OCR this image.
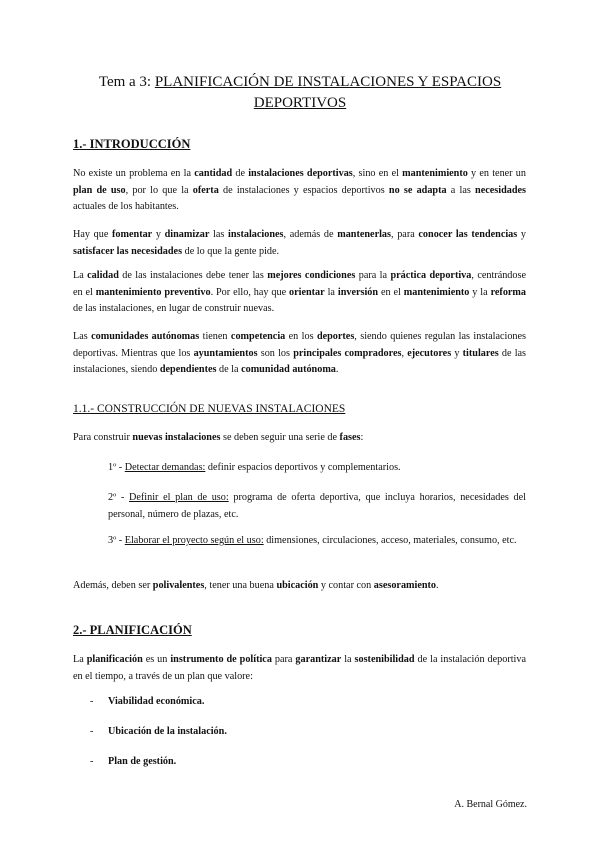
Tem a 3: PLANIFICACIÓN DE INSTALACIONES Y ESPACIOS
DEPORTIVOS
1.- INTRODUCCIÓN
No existe un problema en la cantidad de instalaciones deportivas, sino en el mantenimiento y en tener un plan de uso, por lo que la oferta de instalaciones y espacios deportivos no se adapta a las necesidades actuales de los habitantes.
Hay que fomentar y dinamizar las instalaciones, además de mantenerlas, para conocer las tendencias y satisfacer las necesidades de lo que la gente pide.
La calidad de las instalaciones debe tener las mejores condiciones para la práctica deportiva, centrándose en el mantenimiento preventivo. Por ello, hay que orientar la inversión en el mantenimiento y la reforma de las instalaciones, en lugar de construir nuevas.
Las comunidades autónomas tienen competencia en los deportes, siendo quienes regulan las instalaciones deportivas. Mientras que los ayuntamientos son los principales compradores, ejecutores y titulares de las instalaciones, siendo dependientes de la comunidad autónoma.
1.1.- CONSTRUCCIÓN DE NUEVAS INSTALACIONES
Para construir nuevas instalaciones se deben seguir una serie de fases:
1º - Detectar demandas: definir espacios deportivos y complementarios.
2º - Definir el plan de uso: programa de oferta deportiva, que incluya horarios, necesidades del personal, número de plazas, etc.
3º - Elaborar el proyecto según el uso: dimensiones, circulaciones, acceso, materiales, consumo, etc.
Además, deben ser polivalentes, tener una buena ubicación y contar con asesoramiento.
2.- PLANIFICACIÓN
La planificación es un instrumento de política para garantizar la sostenibilidad de la instalación deportiva en el tiempo, a través de un plan que valore:
- Viabilidad económica.
- Ubicación de la instalación.
- Plan de gestión.
A. Bernal Gómez.
